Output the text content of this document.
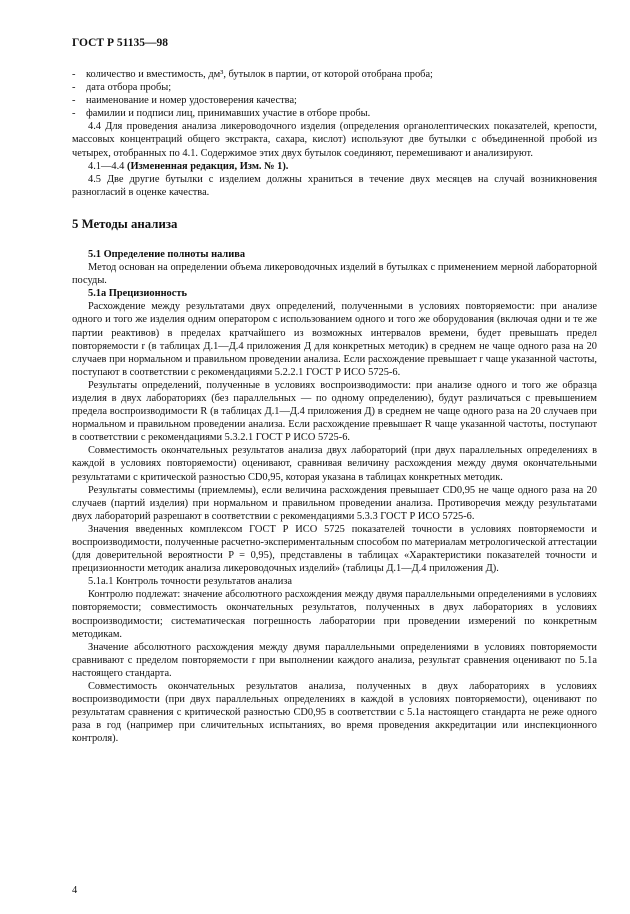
ГОСТ Р 51135—98
-	количество и вместимость, дм³, бутылок в партии, от которой отобрана проба;
-	дата отбора пробы;
-	наименование и номер удостоверения качества;
-	фамилии и подписи лиц, принимавших участие в отборе пробы.

4.4 Для проведения анализа ликероводочного изделия (определения органолептических показателей, крепости, массовых концентраций общего экстракта, сахара, кислот) используют две бутылки с объединенной пробой из четырех, отобранных по 4.1. Содержимое этих двух бутылок соединяют, перемешивают и анализируют.

4.1—4.4 (Измененная редакция, Изм. № 1).

4.5 Две другие бутылки с изделием должны храниться в течение двух месяцев на случай возникновения разногласий в оценке качества.

5 Методы анализа

5.1 Определение полноты налива

Метод основан на определении объема ликероводочных изделий в бутылках с применением мерной лабораторной посуды.

5.1а Прецизионность

Расхождение между результатами двух определений, полученными в условиях повторяемости: при анализе одного и того же изделия одним оператором с использованием одного и того же оборудования (включая одни и те же партии реактивов) в пределах кратчайшего из возможных интервалов времени, будет превышать предел повторяемости r (в таблицах Д.1—Д.4 приложения Д для конкретных методик) в среднем не чаще одного раза на 20 случаев при нормальном и правильном проведении анализа. Если расхождение превышает r чаще указанной частоты, поступают в соответствии с рекомендациями 5.2.2.1 ГОСТ Р ИСО 5725-6.

Результаты определений, полученные в условиях воспроизводимости: при анализе одного и того же образца изделия в двух лабораториях (без параллельных — по одному определению), будут различаться с превышением предела воспроизводимости R (в таблицах Д.1—Д.4 приложения Д) в среднем не чаще одного раза на 20 случаев при нормальном и правильном проведении анализа. Если расхождение превышает R чаще указанной частоты, поступают в соответствии с рекомендациями 5.3.2.1 ГОСТ Р ИСО 5725-6.

Совместимость окончательных результатов анализа двух лабораторий (при двух параллельных определениях в каждой в условиях повторяемости) оценивают, сравнивая величину расхождения между двумя окончательными результатами с критической разностью CD0,95, которая указана в таблицах конкретных методик.

Результаты совместимы (приемлемы), если величина расхождения превышает CD0,95 не чаще одного раза на 20 случаев (партий изделия) при нормальном и правильном проведении анализа. Противоречия между результатами двух лабораторий разрешают в соответствии с рекомендациями 5.3.3 ГОСТ Р ИСО 5725-6.

Значения введенных комплексом ГОСТ Р ИСО 5725 показателей точности в условиях повторяемости и воспроизводимости, полученные расчетно-экспериментальным способом по материалам метрологической аттестации (для доверительной вероятности P = 0,95), представлены в таблицах «Характеристики показателей точности и прецизионности методик анализа ликероводочных изделий» (таблицы Д.1—Д.4 приложения Д).

5.1а.1 Контроль точности результатов анализа

Контролю подлежат: значение абсолютного расхождения между двумя параллельными определениями в условиях повторяемости; совместимость окончательных результатов, полученных в двух лабораториях в условиях воспроизводимости; систематическая погрешность лаборатории при проведении измерений по конкретным методикам.

Значение абсолютного расхождения между двумя параллельными определениями в условиях повторяемости сравнивают с пределом повторяемости r при выполнении каждого анализа, результат сравнения оценивают по 5.1а настоящего стандарта.

Совместимость окончательных результатов анализа, полученных в двух лабораториях в условиях воспроизводимости (при двух параллельных определениях в каждой в условиях повторяемости), оценивают по результатам сравнения с критической разностью CD0,95 в соответствии с 5.1а настоящего стандарта не реже одного раза в год (например при сличительных испытаниях, во время проведения аккредитации или инспекционного контроля).

4
